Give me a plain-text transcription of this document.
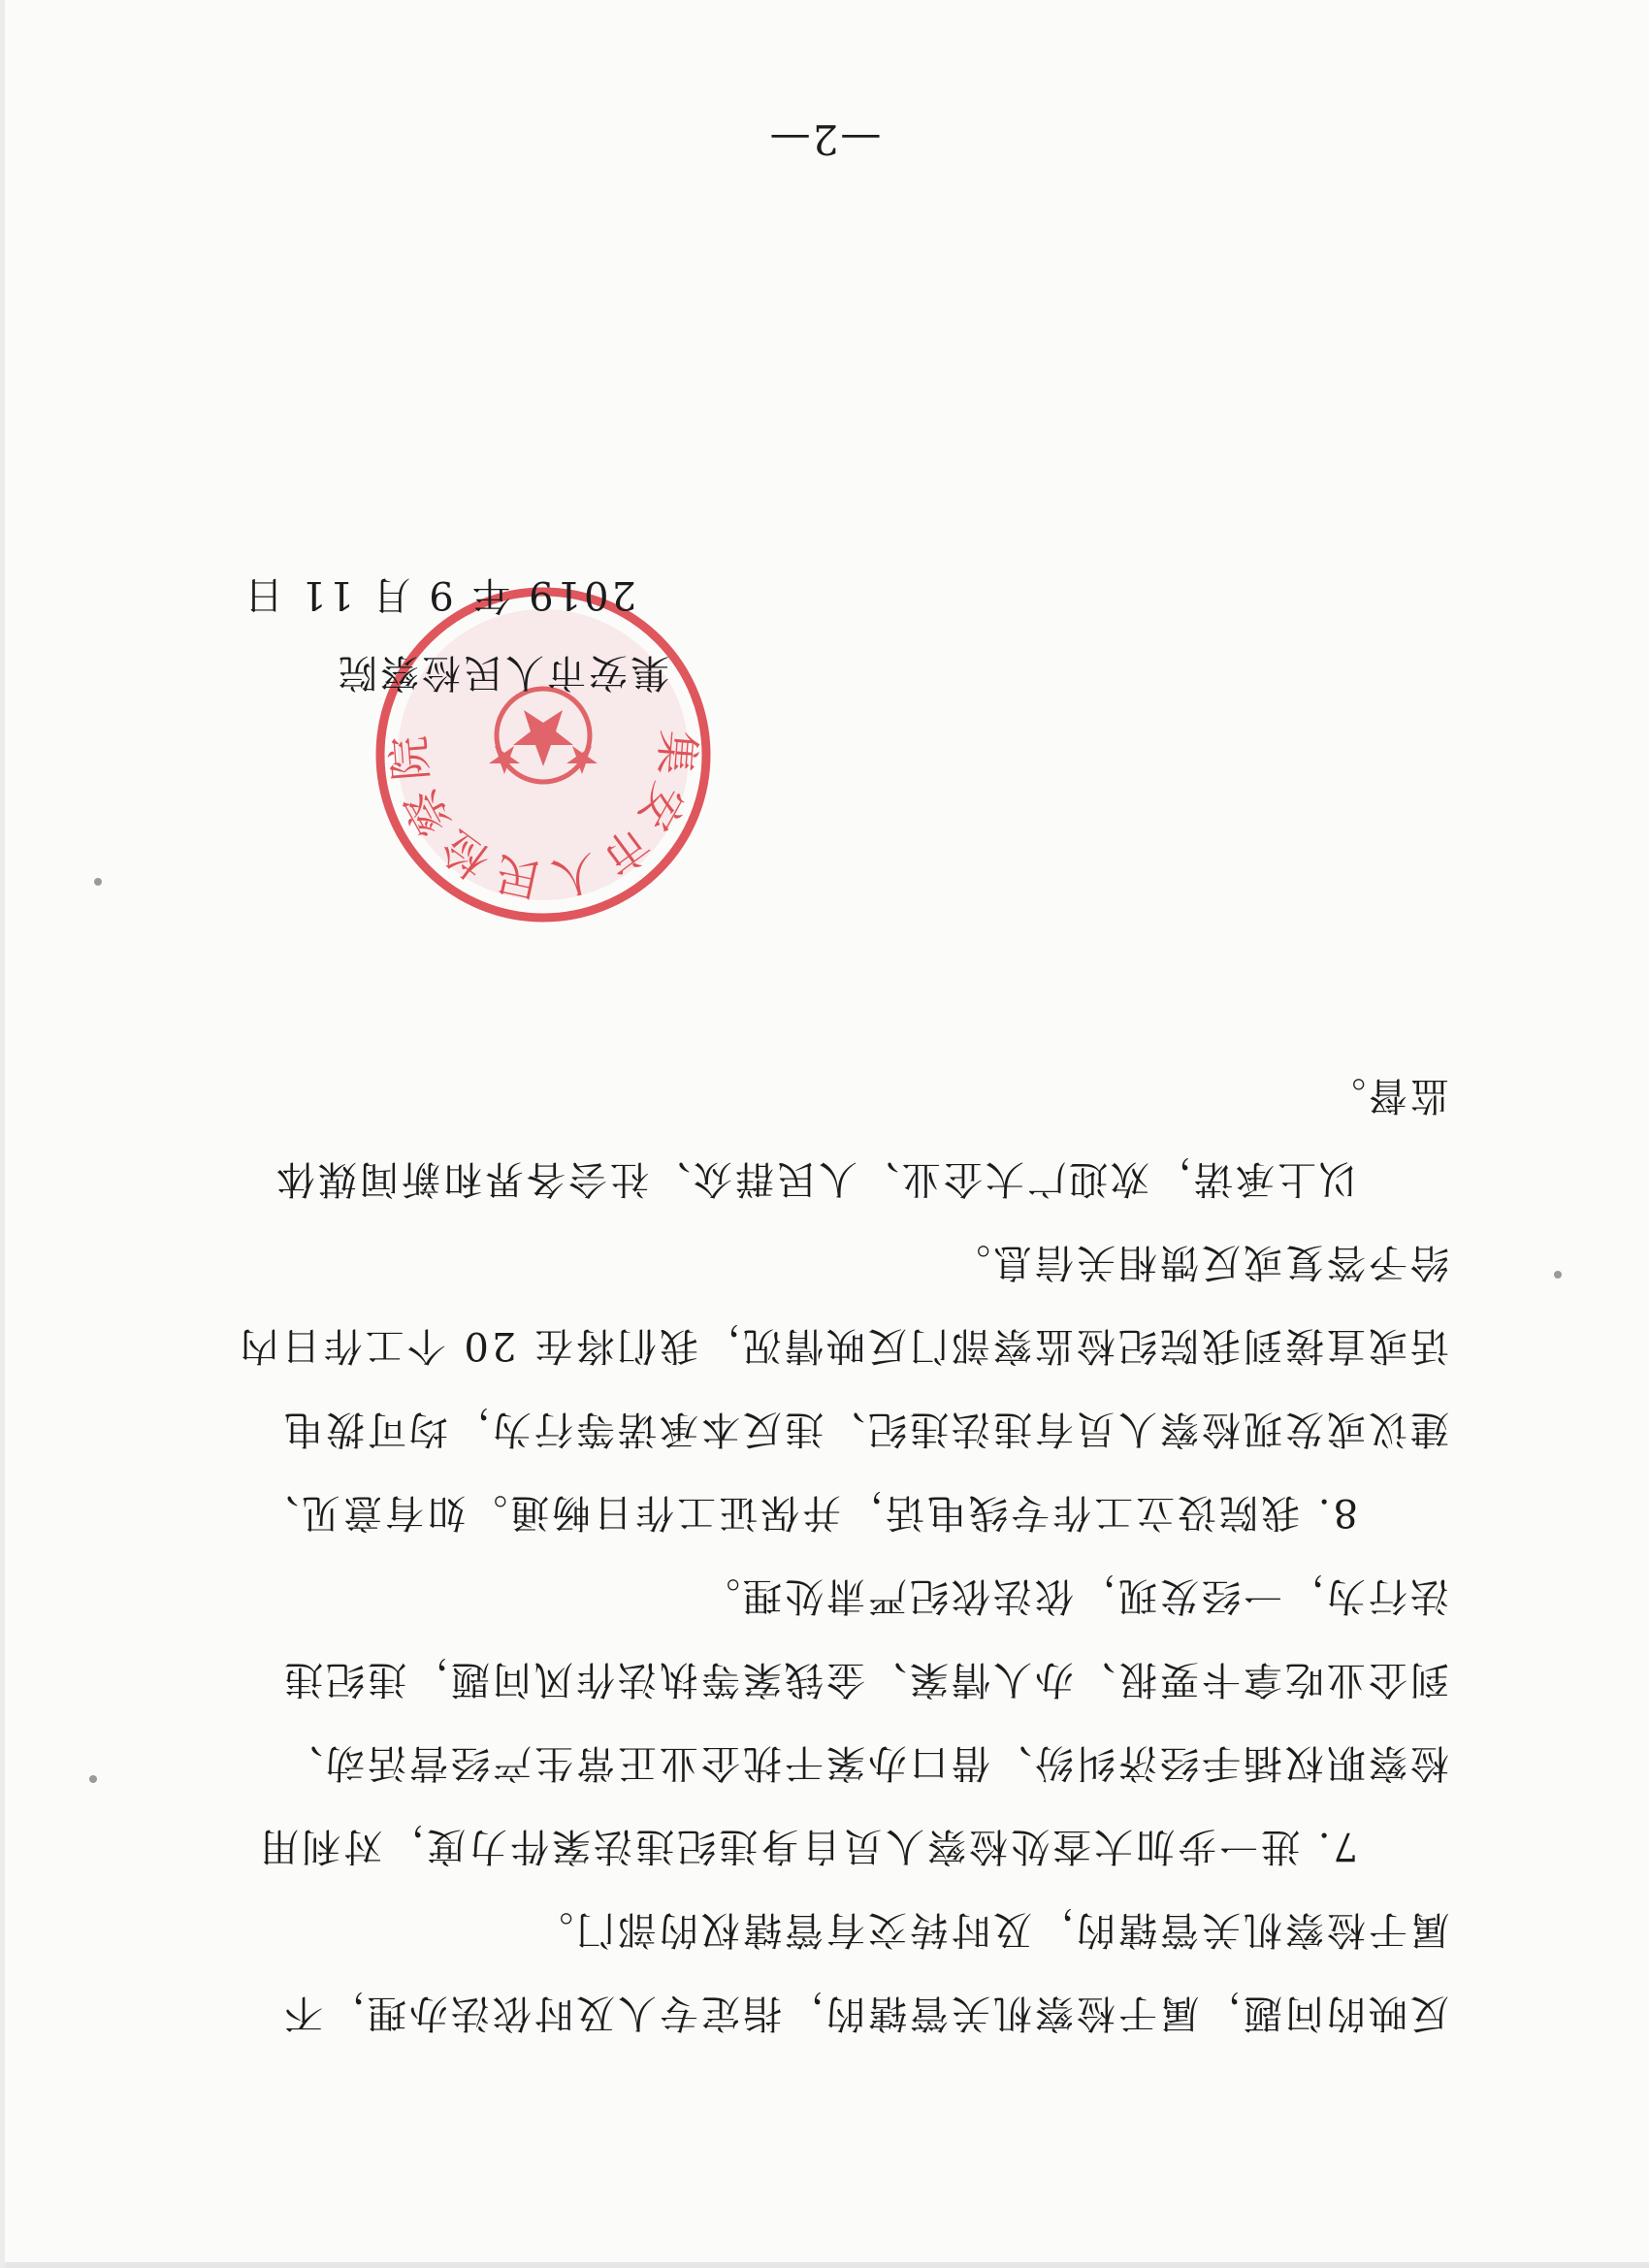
反映的问题，属于检察机关管辖的，指定专人及时依法办理，不

属于检察机关管辖的，及时转交有管辖权的部门。

7. 进一步加大查处检察人员自身违纪违法案件力度，对利用

检察职权插手经济纠纷、借口办案干扰企业正常生产经营活动、

到企业吃拿卡要报、办人情案、金钱案等执法作风问题，违纪违

法行为，一经发现，依法依纪严肃处理。

8. 我院设立工作专线电话，并保证工作日畅通。如有意见、

建议或发现检察人员有违法违纪、违反本承诺等行为，均可拨电

话或直接到我院纪检监察部门反映情况，我们将在 20 个工作日内

给予答复或反馈相关信息。

以上承诺，欢迎广大企业、人民群众、社会各界和新闻媒体

监督。

集安市人民检察院

集安市人民检察院

2019 年 9 月 11 日

—2—
